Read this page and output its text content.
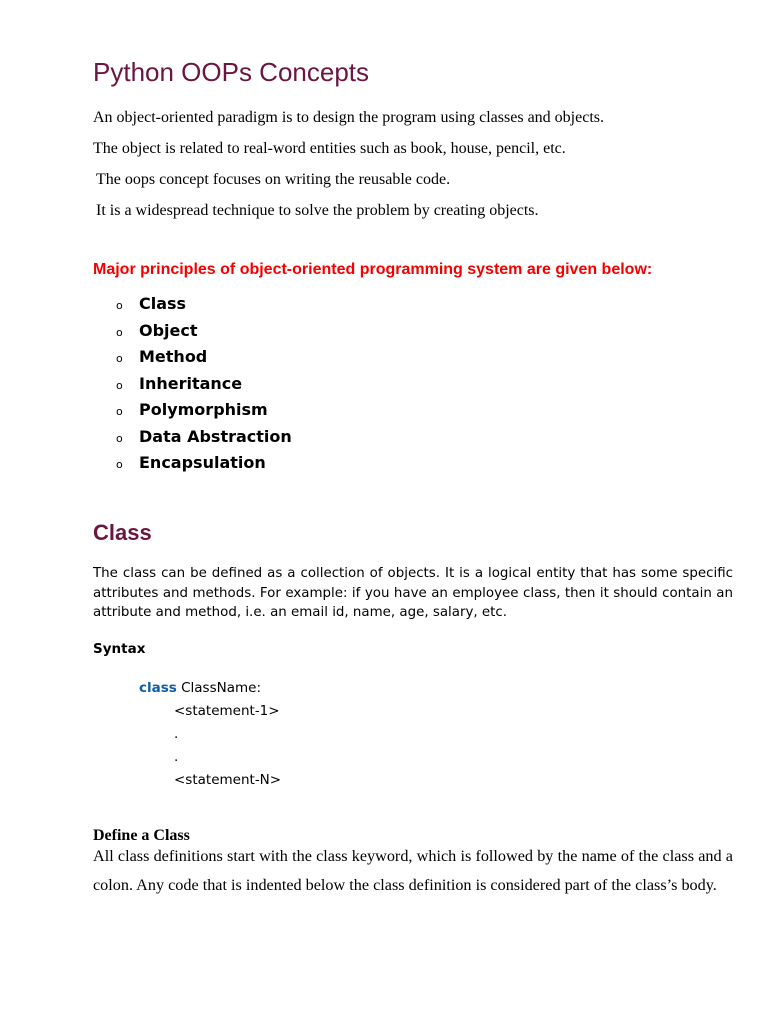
Python OOPs Concepts

An object-oriented paradigm is to design the program using classes and objects.

The object is related to real-word entities such as book, house, pencil, etc.

The oops concept focuses on writing the reusable code.

It is a widespread technique to solve the problem by creating objects.

Major principles of object-oriented programming system are given below:

o Class
o Object
o Method
o Inheritance
o Polymorphism
o Data Abstraction
o Encapsulation
Class

The class can be defined as a collection of objects. It is a logical entity that has some specific attributes and methods. For example: if you have an employee class, then it should contain an attribute and method, i.e. an email id, name, age, salary, etc.

Syntax

class ClassName:
<statement-1>
.
.
<statement-N>
Define a Class

All class definitions start with the class keyword, which is followed by the name of the class and a colon. Any code that is indented below the class definition is considered part of the class’s body.
